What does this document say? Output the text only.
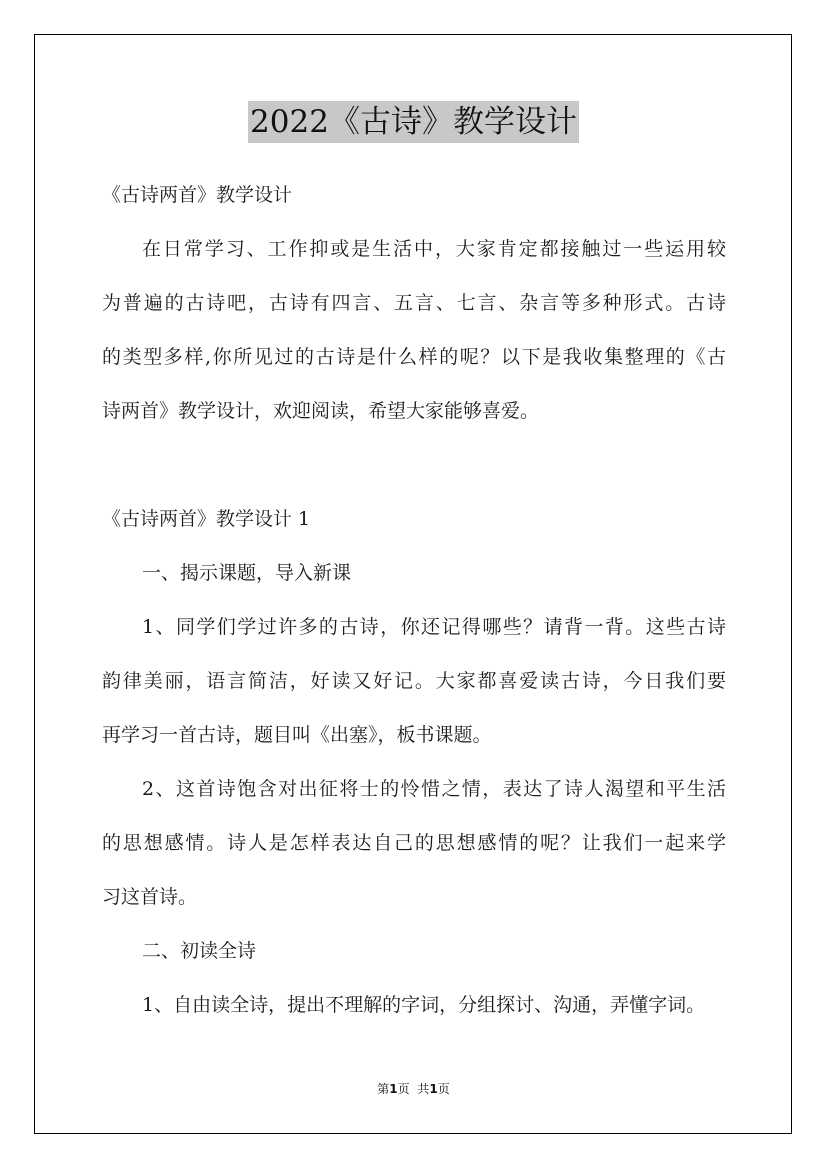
2022《古诗》教学设计
《古诗两首》教学设计
在日常学习、工作抑或是生活中，大家肯定都接触过一些运用较
为普遍的古诗吧，古诗有四言、五言、七言、杂言等多种形式。古诗
的类型多样,你所见过的古诗是什么样的呢？以下是我收集整理的《古
诗两首》教学设计，欢迎阅读，希望大家能够喜爱。
《古诗两首》教学设计 1
一、揭示课题，导入新课
1、同学们学过许多的古诗，你还记得哪些？请背一背。这些古诗
韵律美丽，语言简洁，好读又好记。大家都喜爱读古诗，今日我们要
再学习一首古诗，题目叫《出塞》，板书课题。
2、这首诗饱含对出征将士的怜惜之情，表达了诗人渴望和平生活
的思想感情。诗人是怎样表达自己的思想感情的呢？让我们一起来学
习这首诗。
二、初读全诗
1、自由读全诗，提出不理解的字词，分组探讨、沟通，弄懂字词。
第1页 共1页
